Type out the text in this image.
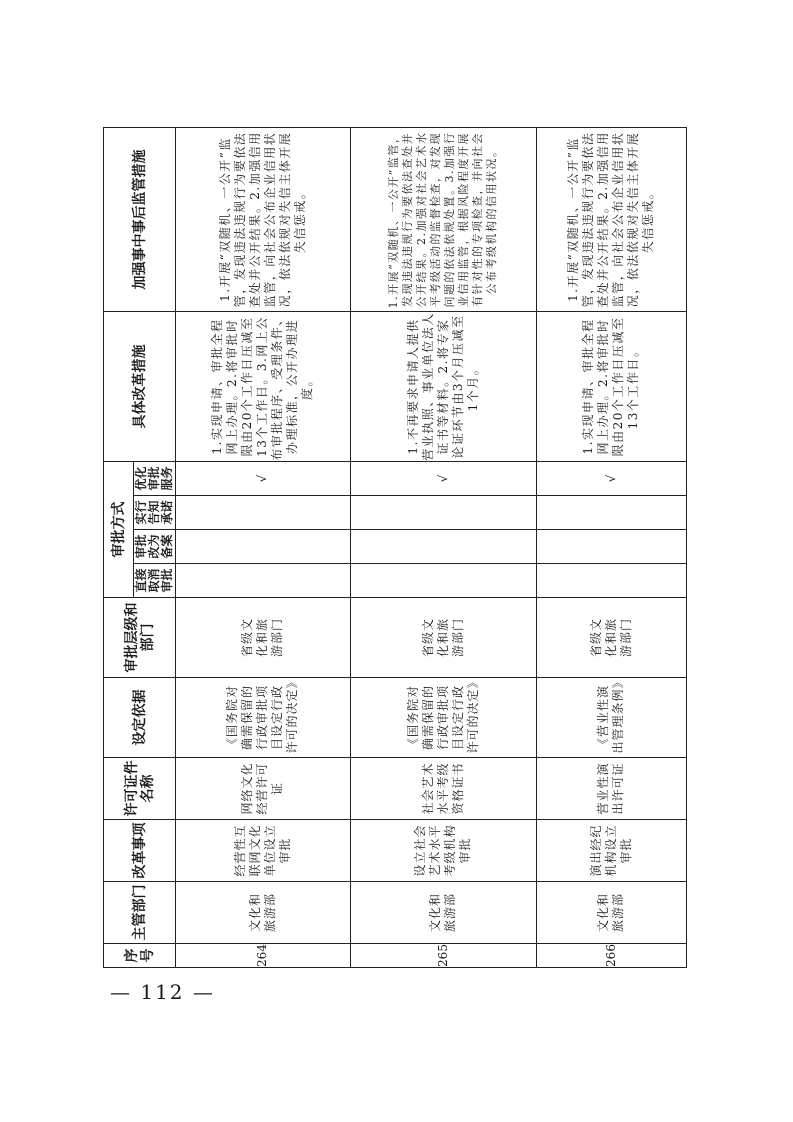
序号	主管部门	改革事项	许可证件名称	设定依据	审批层级和部门	审批方式				具体改革措施	加强事中事后监管措施
						直接取消审批	审批改为备案	实行告知承诺	优化审批服务		
264	文化和旅游部	经营性互联网文化单位设立审批	网络文化经营许可证	《国务院对确需保留的行政审批项目设定行政许可的决定》	省级文化和旅游部门				√	1.实现申请、审批全程网上办理。2.将审批时限由20个工作日压减至13个工作日。3.网上公布审批程序、受理条件、办理标准，公开办理进度。	1.开展“双随机、一公开”监管，发现违法违规行为要依法查处并公开结果。2.加强信用监管，向社会公布企业信用状况，依法依规对失信主体开展失信惩戒。
265	文化和旅游部	设立社会艺术水平考级机构审批	社会艺术水平考级资格证书	《国务院对确需保留的行政审批项目设定行政许可的决定》	省级文化和旅游部门				√	1.不再要求申请人提供营业执照、事业单位法人证书等材料。2.将专家论证环节由3个月压减至1个月。	1.开展“双随机、一公开”监管，发现违法违规行为要依法查处并公开结果。2.加强对社会艺术水平考级活动的监督检查，对发现问题的依法依规处置。3.加强行业信用监管，根据风险程度开展有针对性的专项检查，并向社会公布考级机构的信用状况。
266	文化和旅游部	演出经纪机构设立审批	营业性演出许可证	《营业性演出管理条例》	省级文化和旅游部门				√	1.实现申请、审批全程网上办理。2.将审批时限由20个工作日压减至13个工作日。	1.开展“双随机、一公开”监管，发现违法违规行为要依法查处并公开结果。2.加强信用监管，向社会公布企业信用状况，依法依规对失信主体开展失信惩戒。
— 112 —
